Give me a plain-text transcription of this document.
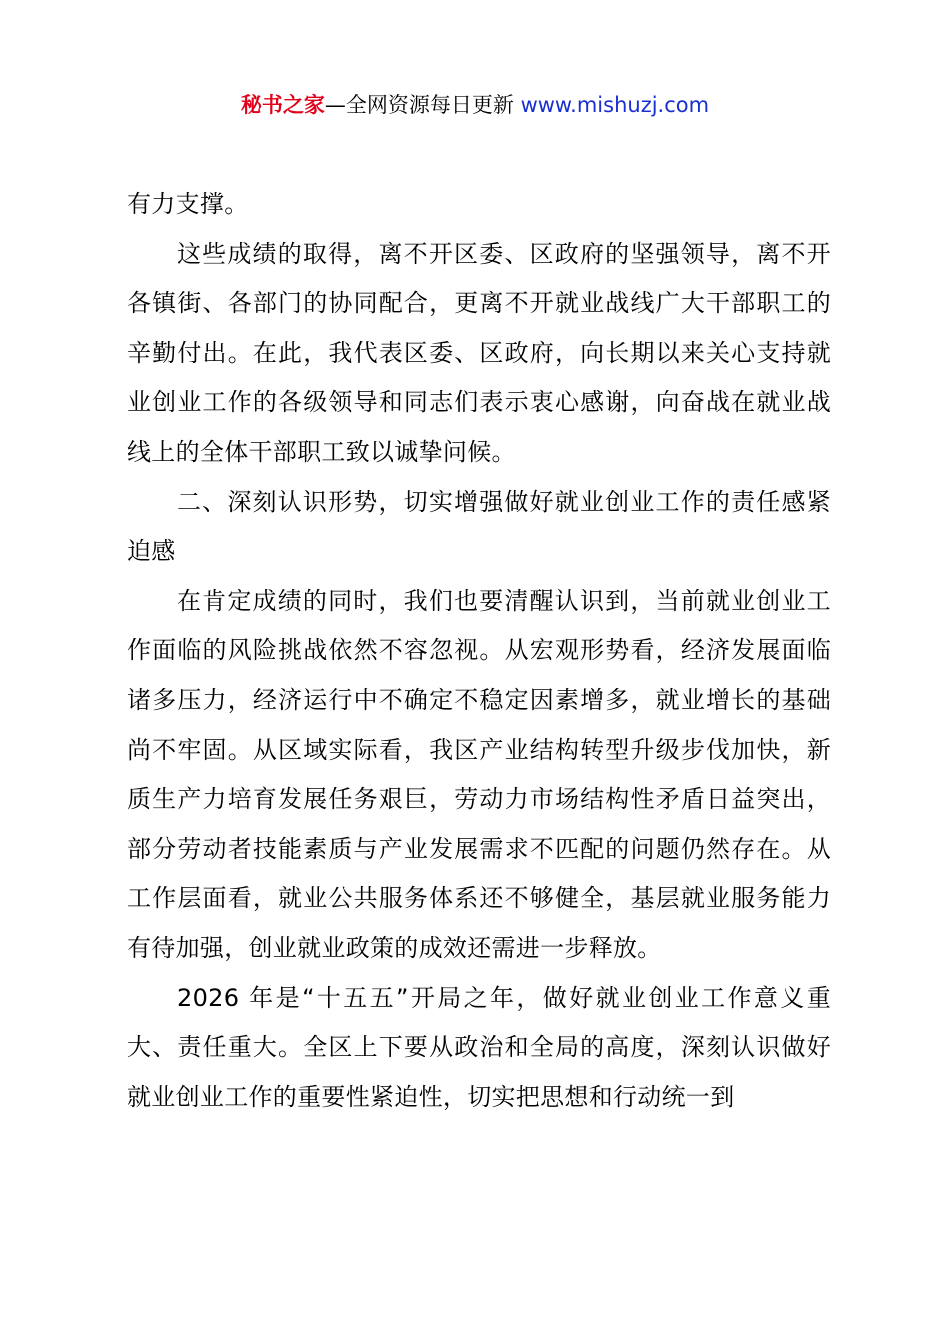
秘书之家—全网资源每日更新 www.mishuzj.com

有力支撑。

这些成绩的取得，离不开区委、区政府的坚强领导，离不开各镇街、各部门的协同配合，更离不开就业战线广大干部职工的辛勤付出。在此，我代表区委、区政府，向长期以来关心支持就业创业工作的各级领导和同志们表示衷心感谢，向奋战在就业战线上的全体干部职工致以诚挚问候。

二、深刻认识形势，切实增强做好就业创业工作的责任感紧迫感

在肯定成绩的同时，我们也要清醒认识到，当前就业创业工作面临的风险挑战依然不容忽视。从宏观形势看，经济发展面临诸多压力，经济运行中不确定不稳定因素增多，就业增长的基础尚不牢固。从区域实际看，我区产业结构转型升级步伐加快，新质生产力培育发展任务艰巨，劳动力市场结构性矛盾日益突出，部分劳动者技能素质与产业发展需求不匹配的问题仍然存在。从工作层面看，就业公共服务体系还不够健全，基层就业服务能力有待加强，创业就业政策的成效还需进一步释放。

2026 年是“十五五”开局之年，做好就业创业工作意义重大、责任重大。全区上下要从政治和全局的高度，深刻认识做好就业创业工作的重要性紧迫性，切实把思想和行动统一到
